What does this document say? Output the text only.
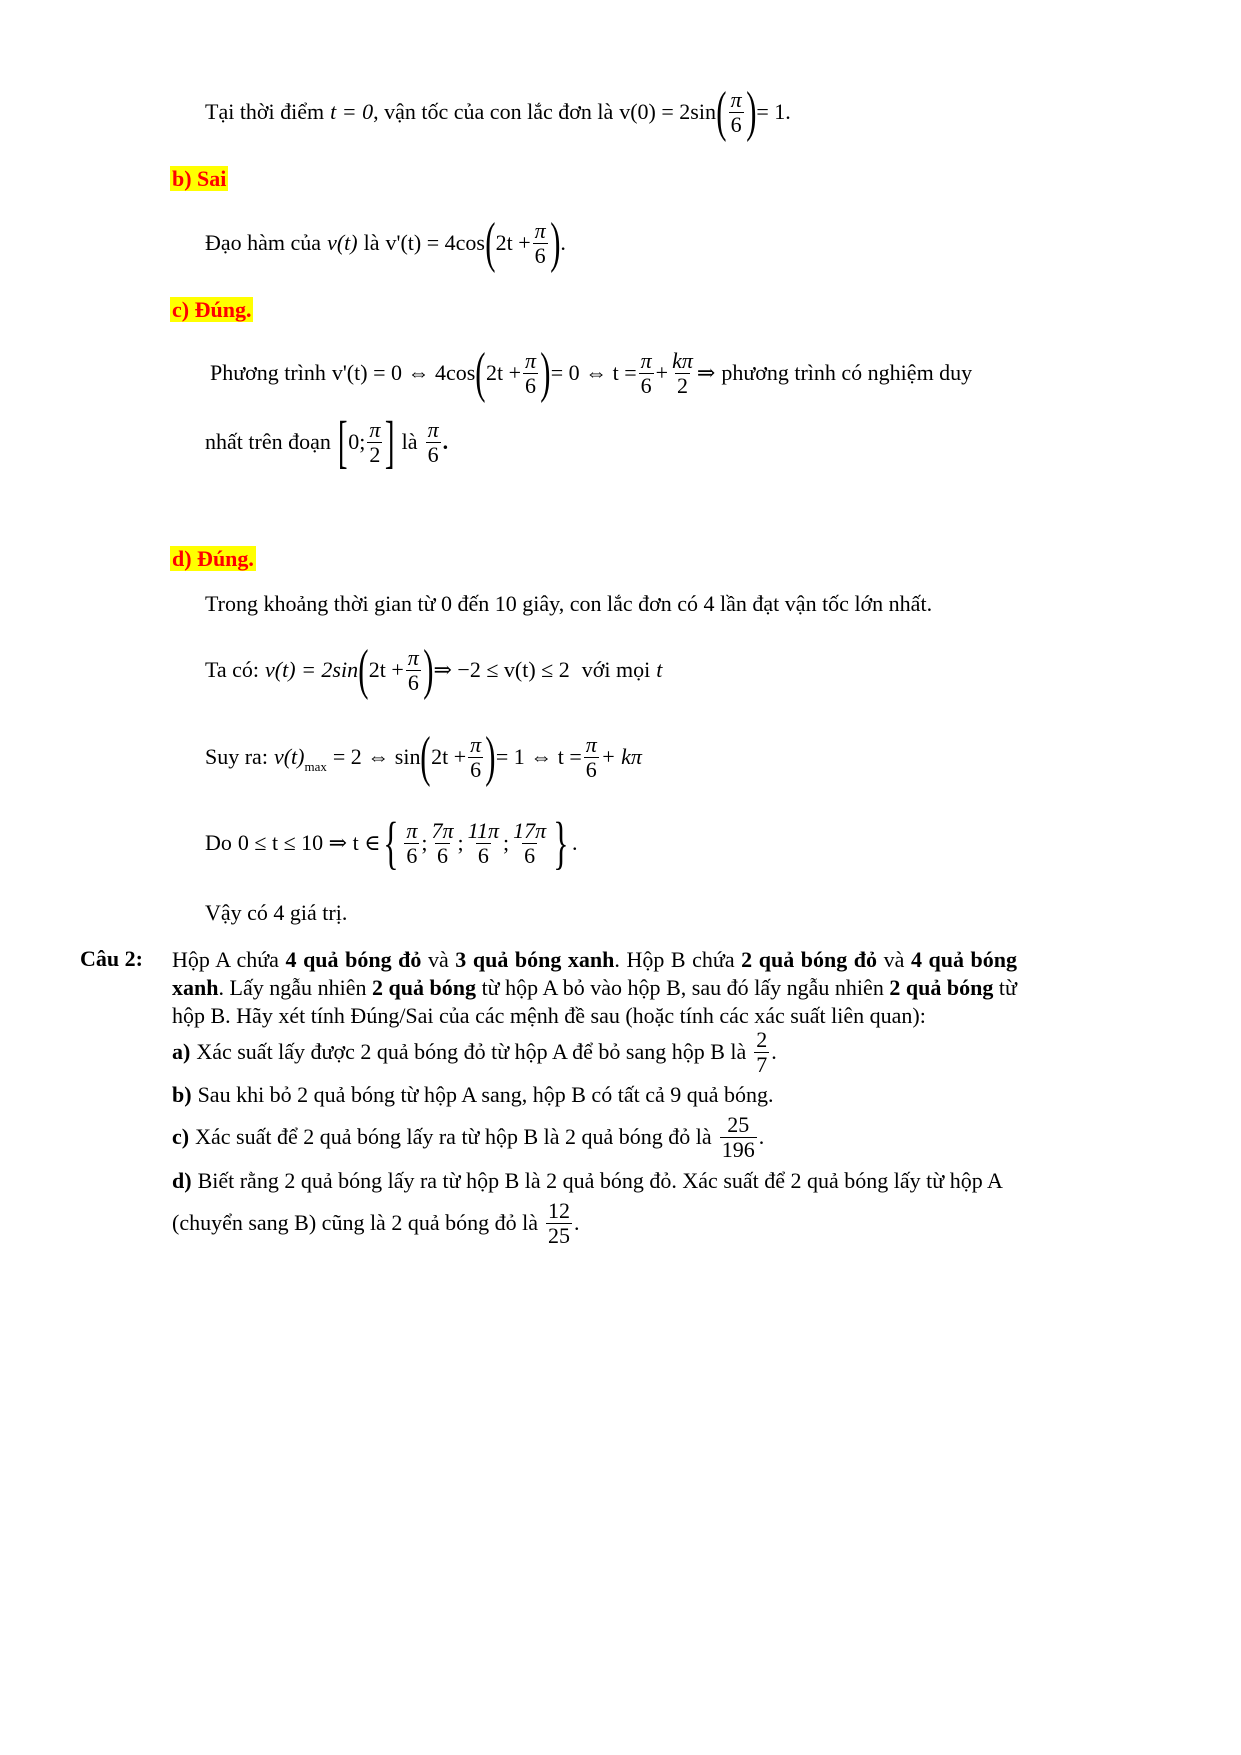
Tại thời điểm t = 0 , vận tốc của con lắc đơn là v(0) = 2sin ( $\frac{\pi}{6}$ ) = 1.
b) Sai
Đạo hàm của v(t) là v'(t) = 4cos ( $2t + \frac{\pi}{6}$ ) .
c) Đúng.
Phương trình v'(t) = 0 ⇔ 4cos ( $2t + \frac{\pi}{6}$ ) = 0 ⇔ $t = \frac{\pi}{6} + \frac{k\pi}{2}$ ⇒ phương trình có nghiệm duy
nhất trên đoạn [ 0; $\frac{\pi}{2}$ ] là $\frac{\pi}{6}$ .
d) Đúng.
Trong khoảng thời gian từ 0 đến 10 giây, con lắc đơn có 4 lần đạt vận tốc lớn nhất.
Ta có: v(t) = 2sin ( $2t + \frac{\pi}{6}$ ) ⇒ −2 ≤ v(t) ≤ 2 với mọi t
Suy ra: v(t) max = 2 ⇔ sin ( $2t + \frac{\pi}{6}$ ) = 1 ⇔ $t = \frac{\pi}{6} + k\pi$
Do 0 ≤ t ≤ 10 ⇒ t ∈ { $\frac{\pi}{6}$ ; $\frac{7\pi}{6}$ ; $\frac{11\pi}{6}$ ; $\frac{17\pi}{6}$ } .
Vậy có 4 giá trị.
Câu 2: Hộp A chứa 4 quả bóng đỏ và 3 quả bóng xanh. Hộp B chứa 2 quả bóng đỏ và 4 quả bóng xanh. Lấy ngẫu nhiên 2 quả bóng từ hộp A bỏ vào hộp B, sau đó lấy ngẫu nhiên 2 quả bóng từ hộp B. Hãy xét tính Đúng/Sai của các mệnh đề sau (hoặc tính các xác suất liên quan):
a) Xác suất lấy được 2 quả bóng đỏ từ hộp A để bỏ sang hộp B là $\frac{2}{7}$ .
b) Sau khi bỏ 2 quả bóng từ hộp A sang, hộp B có tất cả 9 quả bóng.
c) Xác suất để 2 quả bóng lấy ra từ hộp B là 2 quả bóng đỏ là $\frac{25}{196}$ .
d) Biết rằng 2 quả bóng lấy ra từ hộp B là 2 quả bóng đỏ. Xác suất để 2 quả bóng lấy từ hộp A
(chuyển sang B) cũng là 2 quả bóng đỏ là $\frac{12}{25}$ .
